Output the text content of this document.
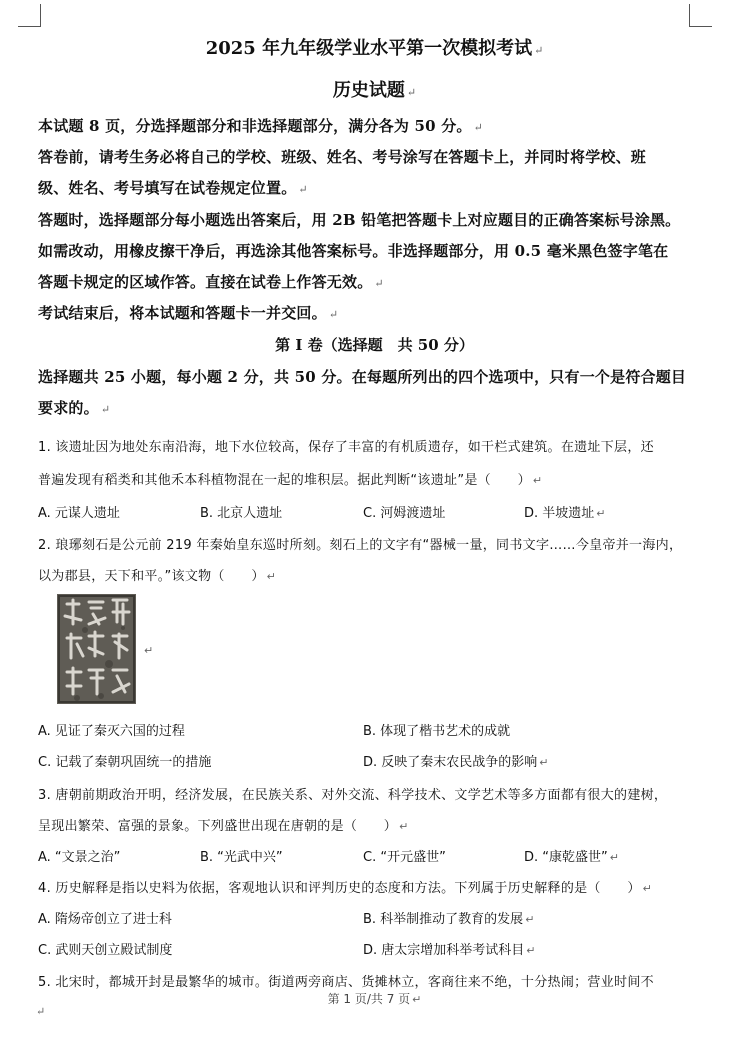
2025 年九年级学业水平第一次模拟考试 ↵
历史试题 ↵
本试题 8 页，分选择题部分和非选择题部分，满分各为 50 分。 ↵
答卷前，请考生务必将自己的学校、班级、姓名、考号涂写在答题卡上，并同时将学校、班
级、姓名、考号填写在试卷规定位置。 ↵
答题时，选择题部分每小题选出答案后，用 2B 铅笔把答题卡上对应题目的正确答案标号涂黑。
如需改动，用橡皮擦干净后，再选涂其他答案标号。非选择题部分，用 0.5 毫米黑色签字笔在
答题卡规定的区域作答。直接在试卷上作答无效。 ↵
考试结束后，将本试题和答题卡一并交回。 ↵
第 Ⅰ 卷（选择题　共 50 分）
选择题共 25 小题，每小题 2 分，共 50 分。在每题所列出的四个选项中，只有一个是符合题目
要求的。 ↵
1. 该遗址因为地处东南沿海，地下水位较高，保存了丰富的有机质遗存，如干栏式建筑。在遗址下层，还
普遍发现有稻类和其他禾本科植物混在一起的堆积层。据此判断“该遗址”是（　　） ↵
A. 元谋人遗址	B. 北京人遗址	C. 河姆渡遗址	D. 半坡遗址 ↵
2. 琅琊刻石是公元前 219 年秦始皇东巡时所刻。刻石上的文字有“器械一量，同书文字……今皇帝并一海内，
以为郡县，天下和平。”该文物（　　） ↵
↵
A. 见证了秦灭六国的过程	B. 体现了楷书艺术的成就
C. 记载了秦朝巩固统一的措施	D. 反映了秦末农民战争的影响 ↵
3. 唐朝前期政治开明，经济发展，在民族关系、对外交流、科学技术、文学艺术等多方面都有很大的建树，
呈现出繁荣、富强的景象。下列盛世出现在唐朝的是（　　） ↵
A. “文景之治”	B. “光武中兴”	C. “开元盛世”	D. “康乾盛世” ↵
4. 历史解释是指以史料为依据，客观地认识和评判历史的态度和方法。下列属于历史解释的是（　　） ↵
A. 隋炀帝创立了进士科	B. 科举制推动了教育的发展 ↵
C. 武则天创立殿试制度	D. 唐太宗增加科举考试科目 ↵
5. 北宋时，都城开封是最繁华的城市。街道两旁商店、货摊林立，客商往来不绝，十分热闹；营业时间不
第 1 页/共 7 页 ↵
↵
